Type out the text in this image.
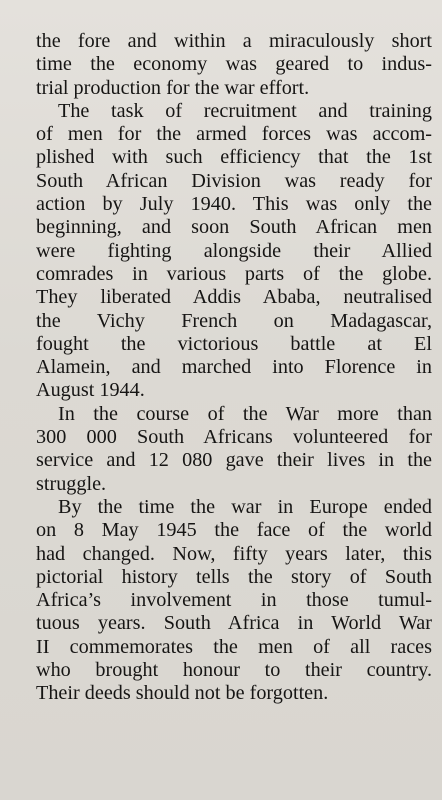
the fore and within a miraculously short
time the economy was geared to indus-
trial production for the war effort.
The task of recruitment and training
of men for the armed forces was accom-
plished with such efficiency that the 1st
South African Division was ready for
action by July 1940. This was only the
beginning, and soon South African men
were fighting alongside their Allied
comrades in various parts of the globe.
They liberated Addis Ababa, neutralised
the Vichy French on Madagascar,
fought the victorious battle at El
Alamein, and marched into Florence in
August 1944.
In the course of the War more than
300 000 South Africans volunteered for
service and 12 080 gave their lives in the
struggle.
By the time the war in Europe ended
on 8 May 1945 the face of the world
had changed. Now, fifty years later, this
pictorial history tells the story of South
Africa’s involvement in those tumul-
tuous years. South Africa in World War
II commemorates the men of all races
who brought honour to their country.
Their deeds should not be forgotten.
